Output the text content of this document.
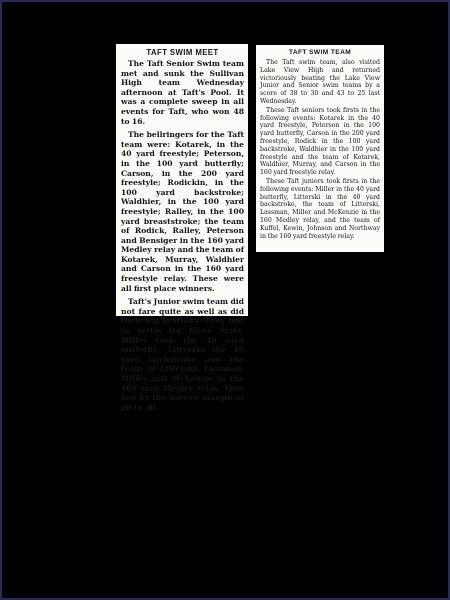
TAFT SWIM MEET

The Taft Senior Swim team met and sunk the Sullivan High team Wednesday afternoon at Taft's Pool. It was a complete sweep in all events for Taft, who won 48 to 16.

The bellringers for the Taft team were: Kotarek, in the 40 yard freestyle; Peterson, in the 100 yard butterfly; Carson, in the 200 yard freestyle; Rodickin, in the 100 yard backstroke; Waldhier, in the 100 yard freestyle; Ralley, in the 100 yard breaststroke; the team of Rodick, Ralley, Peterson and Bensiger in the 160 yard Medley relay and the team of Kotarek, Murray, Waldhier and Carson in the 160 yard freestyle relay. These were all first place winners.

Taft's Junior swim team did not fare quite as well as did their big brothers—they had to settle for three firsts. Miller took the 40 yard butterfly; Litterski the 40 yard backstroke and the team of Litterski, Lassman, Miller and McKenzie in the 160 yard Medley relay. They lost by the narrow margin of 28 to 30.

TAFT SWIM TEAM

The Taft swim team, also visited Lake View High and returned victoriously beating the Lake View Junior and Senior swim teams by a score of 38 to 30 and 43 to 25 last Wednesday.

These Taft seniors took firsts in the following events: Kotarek in the 40 yard freestyle, Peterson in the 100 yard butterfly, Carson in the 200 yard freestyle, Rodick in the 100 yard backstroke, Waldhier in the 100 yard freestyle and the team of Kotarek, Waldhier, Murray, and Carson in the 160 yard freestyle relay.

These Taft juniors took firsts in the following events: Miller in the 40 yard butterfly, Litterski in the 40 yard backstroke, the team of Litterski, Lassman, Miller and McKenzie in the 160 Medley relay, and the team of Kuffel, Kewin, Johnson and Northway in the 160 yard freestyle relay.
